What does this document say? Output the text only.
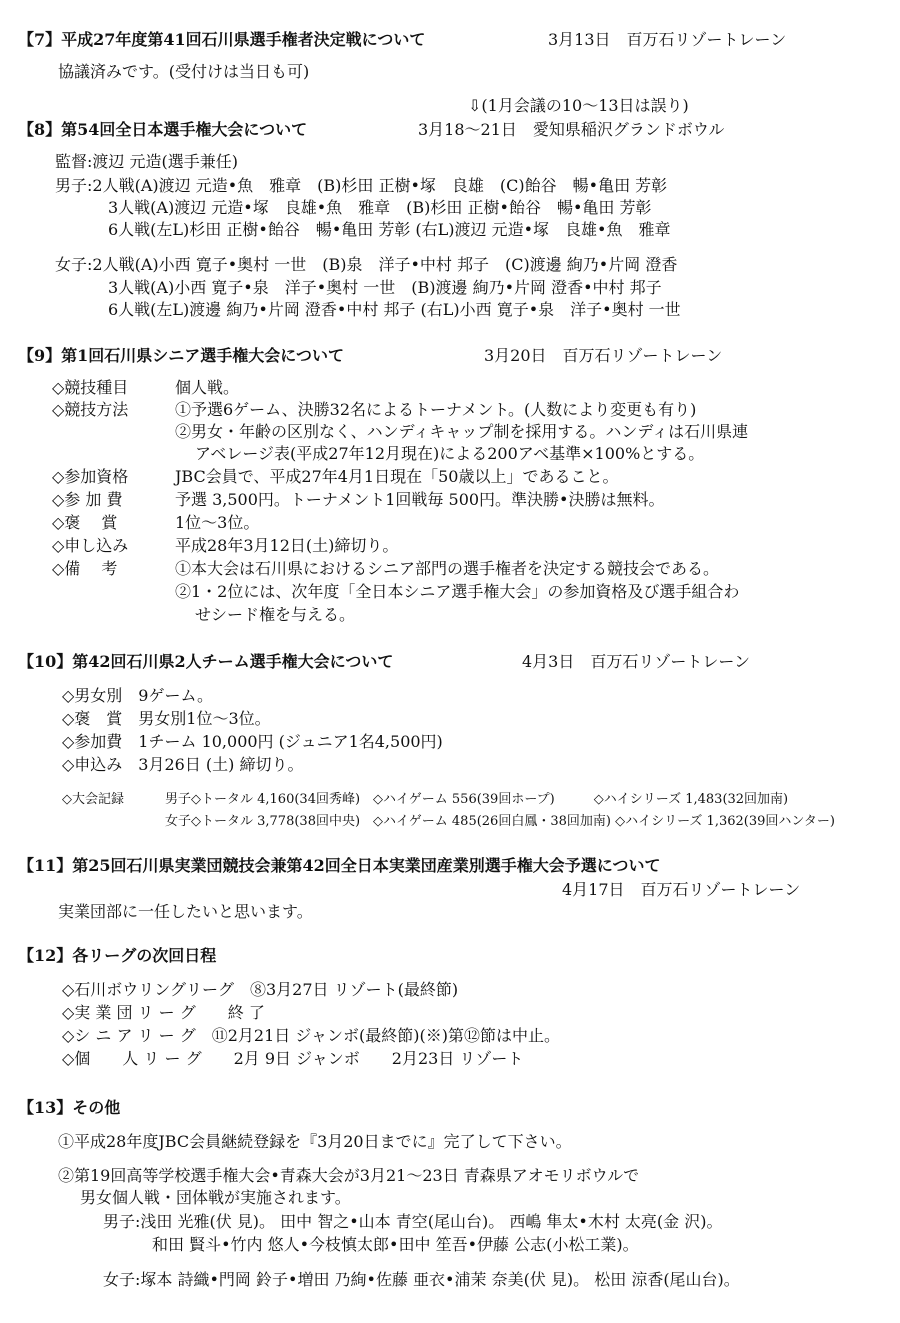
【7】平成27年度第41回石川県選手権者決定戦について	3月13日　百万石リゾートレーン
協議済みです。(受付けは当日も可)
⇩(1月会議の10〜13日は誤り)
【8】第54回全日本選手権大会について	3月18〜21日　愛知県稲沢グランドボウル
監督:渡辺 元造(選手兼任)
男子:2人戦(A)渡辺 元造•魚　雅章　(B)杉田 正樹•塚　良雄　(C)飴谷　暢•亀田 芳彰
3人戦(A)渡辺 元造•塚　良雄•魚　雅章　(B)杉田 正樹•飴谷　暢•亀田 芳彰
6人戦(左L)杉田 正樹•飴谷　暢•亀田 芳彰 (右L)渡辺 元造•塚　良雄•魚　雅章
女子:2人戦(A)小西 寛子•奥村 一世　(B)泉　洋子•中村 邦子　(C)渡邊 絢乃•片岡 澄香
3人戦(A)小西 寛子•泉　洋子•奥村 一世　(B)渡邊 絢乃•片岡 澄香•中村 邦子
6人戦(左L)渡邊 絢乃•片岡 澄香•中村 邦子 (右L)小西 寛子•泉　洋子•奥村 一世
【9】第1回石川県シニア選手権大会について	3月20日　百万石リゾートレーン
◇競技種目	個人戦。
◇競技方法	①予選6ゲーム、決勝32名によるトーナメント。(人数により変更も有り)
②男女・年齢の区別なく、ハンディキャップ制を採用する。ハンディは石川県連
アベレージ表(平成27年12月現在)による200アベ基準×100%とする。
◇参加資格	JBC会員で、平成27年4月1日現在「50歳以上」であること。
◇参 加 費	予選 3,500円。トーナメント1回戦毎 500円。準決勝•決勝は無料。
◇褒　 賞	1位〜3位。
◇申し込み	平成28年3月12日(土)締切り。
◇備　 考	①本大会は石川県におけるシニア部門の選手権者を決定する競技会である。
②1・2位には、次年度「全日本シニア選手権大会」の参加資格及び選手組合わ
せシード権を与える。
【10】第42回石川県2人チーム選手権大会について	4月3日　百万石リゾートレーン
◇男女別　9ゲーム。
◇褒　賞　男女別1位〜3位。
◇参加費　1チーム 10,000円 (ジュニア1名4,500円)
◇申込み　3月26日 (土) 締切り。
◇大会記録	男子◇トータル 4,160(34回秀峰)　◇ハイゲーム 556(39回ホープ)　　　◇ハイシリーズ 1,483(32回加南)
女子◇トータル 3,778(38回中央)　◇ハイゲーム 485(26回白鳳・38回加南) ◇ハイシリーズ 1,362(39回ハンター)
【11】第25回石川県実業団競技会兼第42回全日本実業団産業別選手権大会予選について
4月17日　百万石リゾートレーン
実業団部に一任したいと思います。
【12】各リーグの次回日程
◇石川ボウリングリーグ　⑧3月27日 リゾート(最終節)
◇実 業 団 リ ー グ　　終 了
◇シ ニ ア リ ー グ　⑪2月21日 ジャンボ(最終節)(※)第⑫節は中止。
◇個　　人 リ ー グ　　2月 9日 ジャンボ　　2月23日 リゾート
【13】その他
①平成28年度JBC会員継続登録を『3月20日までに』完了して下さい。
②第19回高等学校選手権大会•青森大会が3月21〜23日 青森県アオモリボウルで
男女個人戦・団体戦が実施されます。
男子:浅田 光雅(伏 見)。 田中 智之•山本 青空(尾山台)。 西嶋 隼太•木村 太亮(金 沢)。
和田 賢斗•竹内 悠人•今枝慎太郎•田中 笙吾•伊藤 公志(小松工業)。
女子:塚本 詩織•門岡 鈴子•増田 乃絢•佐藤 亜衣•浦茉 奈美(伏 見)。 松田 涼香(尾山台)。
